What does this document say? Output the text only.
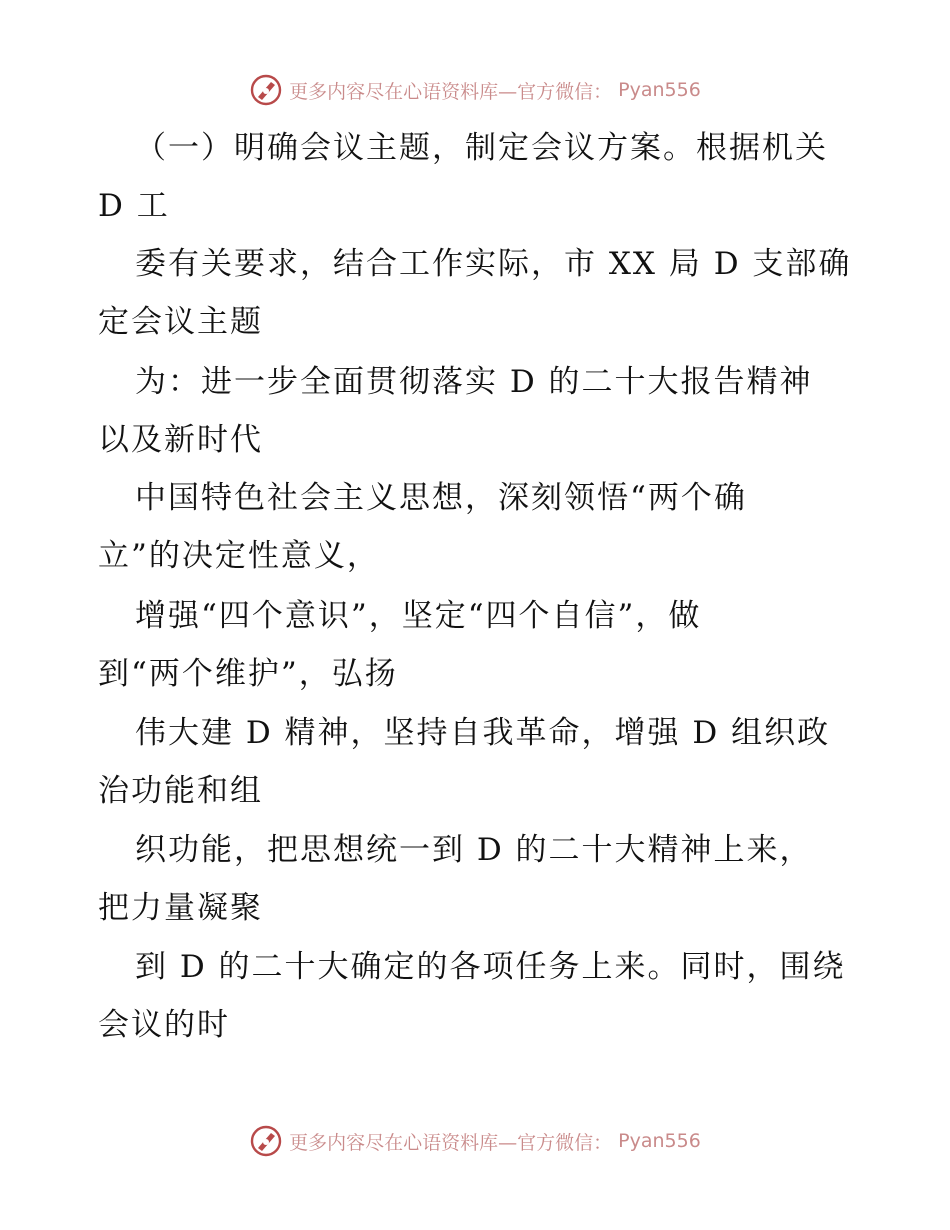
更多内容尽在心语资料库—官方微信： Pyan556
（一）明确会议主题，制定会议方案。根据机关
D 工
委有关要求，结合工作实际，市 XX 局 D 支部确
定会议主题
为：进一步全面贯彻落实 D 的二十大报告精神
以及新时代
中国特色社会主义思想，深刻领悟“两个确
立”的决定性意义，
增强“四个意识”，坚定“四个自信”，做
到“两个维护”，弘扬
伟大建 D 精神，坚持自我革命，增强 D 组织政
治功能和组
织功能，把思想统一到 D 的二十大精神上来，
把力量凝聚
到 D 的二十大确定的各项任务上来。同时，围绕
会议的时
更多内容尽在心语资料库—官方微信： Pyan556
